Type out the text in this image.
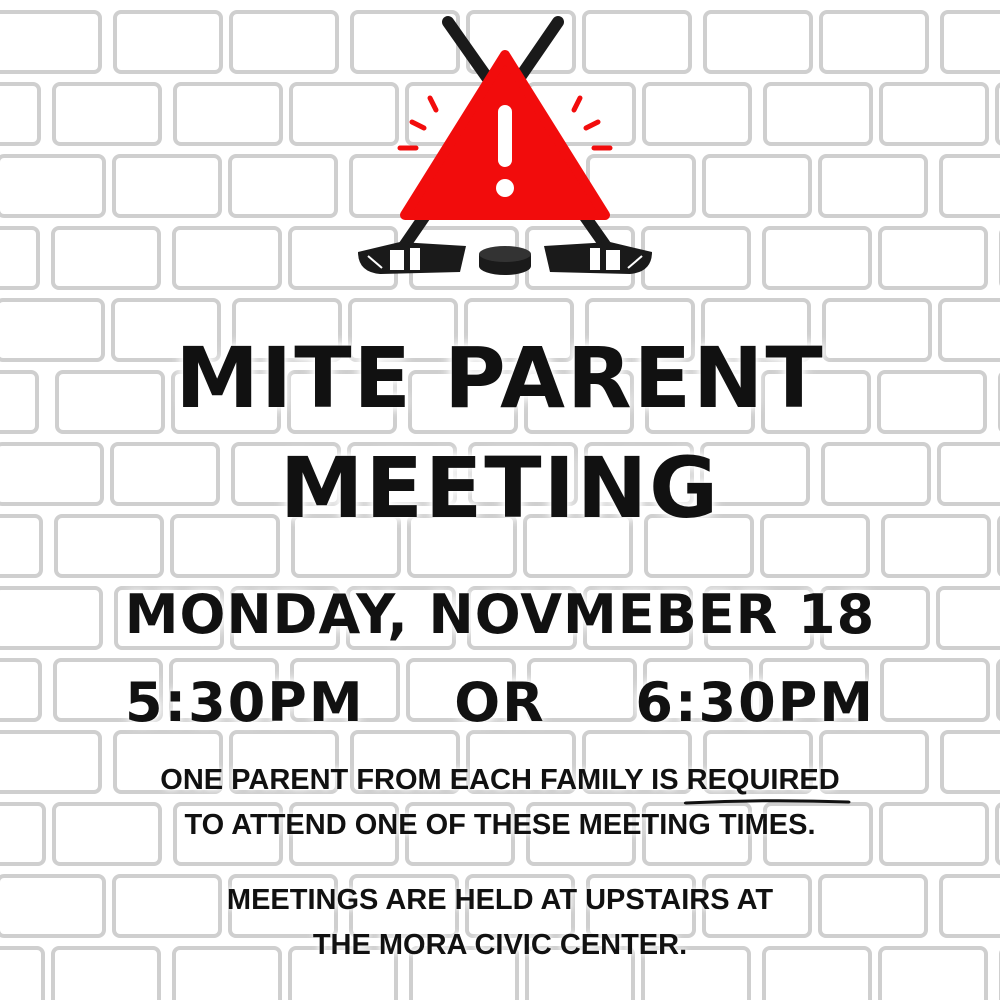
MITE PARENT
MEETING
MONDAY, NOVMEBER 18
5:30PM OR 6:30PM
ONE PARENT FROM EACH FAMILY IS REQUIRED
TO ATTEND ONE OF THESE MEETING TIMES.
MEETINGS ARE HELD AT UPSTAIRS AT
THE MORA CIVIC CENTER.
